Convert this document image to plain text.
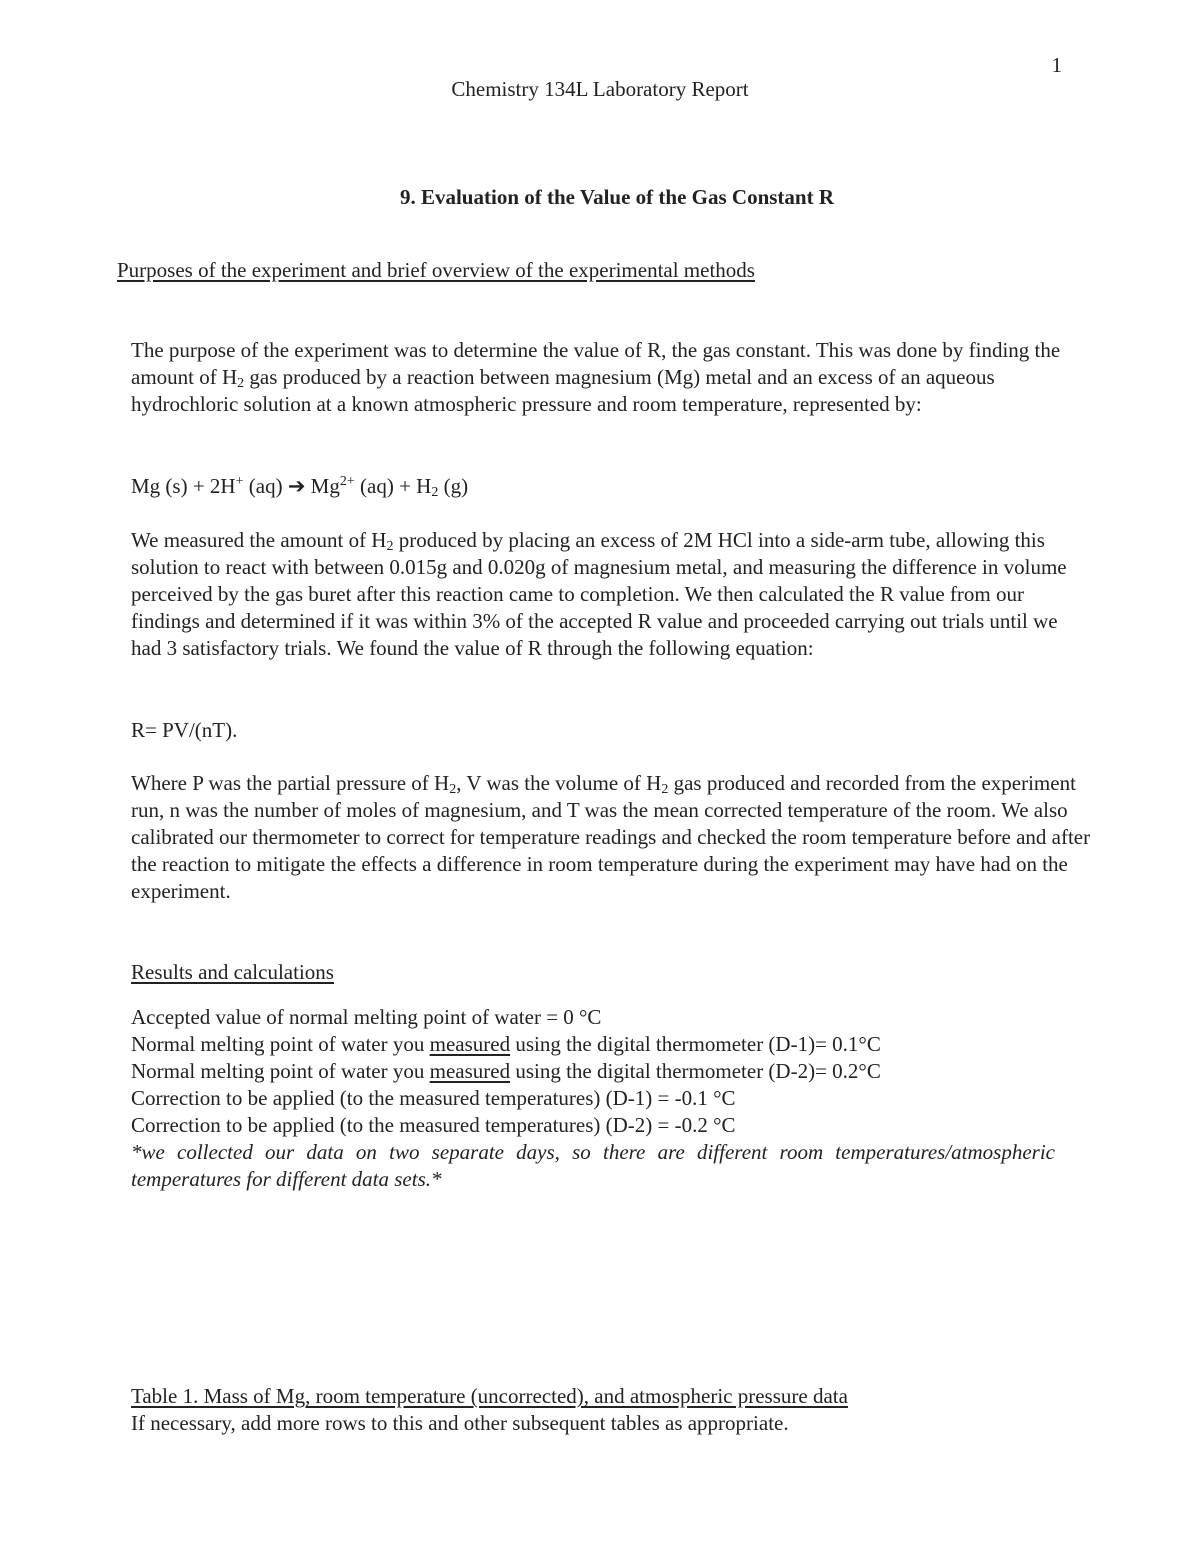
1
Chemistry 134L Laboratory Report
9. Evaluation of the Value of the Gas Constant R
Purposes of the experiment and brief overview of the experimental methods

The purpose of the experiment was to determine the value of R, the gas constant. This was done by finding the amount of $H_2$ gas produced by a reaction between magnesium (Mg) metal and an excess of an aqueous hydrochloric solution at a known atmospheric pressure and room temperature, represented by:

Mg (s) + 2H+ (aq) ➔ $Mg^{2+}$ $(aq) + H_2$ (g)

We measured the amount of $H_2$ produced by placing an excess of 2M HCl into a side-arm tube, allowing this solution to react with between 0.015g and 0.020g of magnesium metal, and measuring the difference in volume perceived by the gas buret after this reaction came to completion. We then calculated the R value from our findings and determined if it was within 3% of the accepted R value and proceeded carrying out trials until we had 3 satisfactory trials. We found the value of R through the following equation:

R= PV/(nT).

Where P was the partial pressure of $H_2$, V was the volume of $H_2$ gas produced and recorded from the experiment run, n was the number of moles of magnesium, and T was the mean corrected temperature of the room. We also calibrated our thermometer to correct for temperature readings and checked the room temperature before and after the reaction to mitigate the effects a difference in room temperature during the experiment may have had on the experiment.

Results and calculations
Accepted value of normal melting point of water = 0 °C
Normal melting point of water you measured using the digital thermometer (D-1)= 0.1°C
Normal melting point of water you measured using the digital thermometer (D-2)= 0.2°C
Correction to be applied (to the measured temperatures) (D-1) = -0.1 °C
Correction to be applied (to the measured temperatures) (D-2) = -0.2 °C
*we collected our data on two separate days, so there are different room temperatures/atmospheric temperatures for different data sets.*
Table 1. Mass of Mg, room temperature (uncorrected), and atmospheric pressure data
If necessary, add more rows to this and other subsequent tables as appropriate.
